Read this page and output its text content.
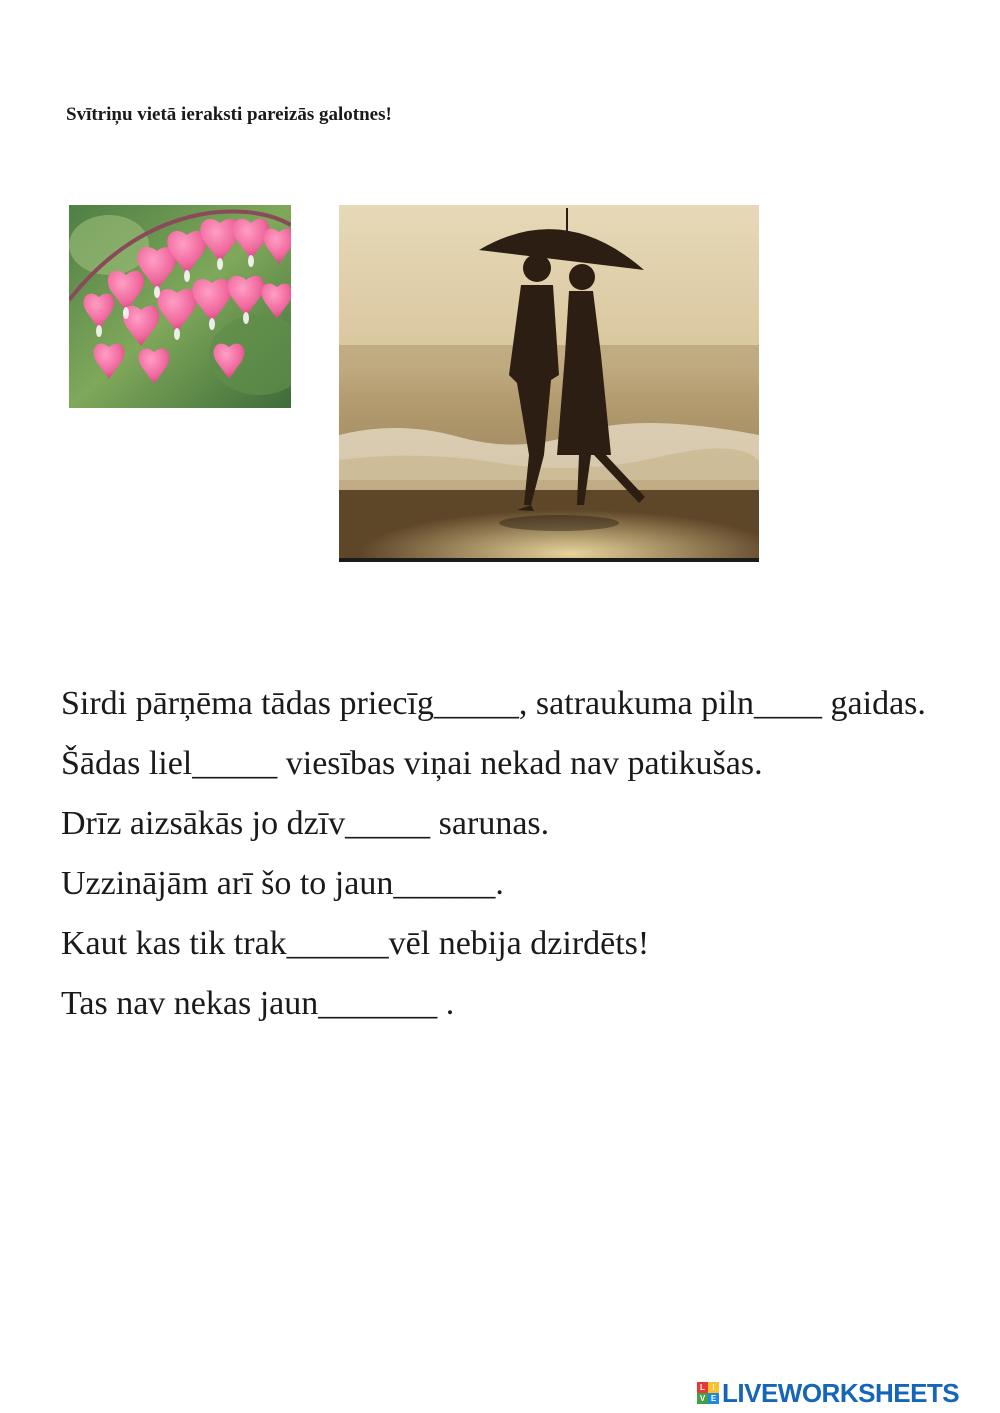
Svītriņu vietā ieraksti pareizās galotnes!

Sirdi pārņēma tādas priecīg_____, satraukuma piln____ gaidas.

Šādas liel_____ viesības viņai nekad nav patikušas.

Drīz aizsākās jo dzīv_____ sarunas.

Uzzinājām arī šo to jaun______.

Kaut kas tik trak______vēl nebija dzirdēts!

Tas nav nekas jaun_______ .

L I
V E LIVEWORKSHEETS
